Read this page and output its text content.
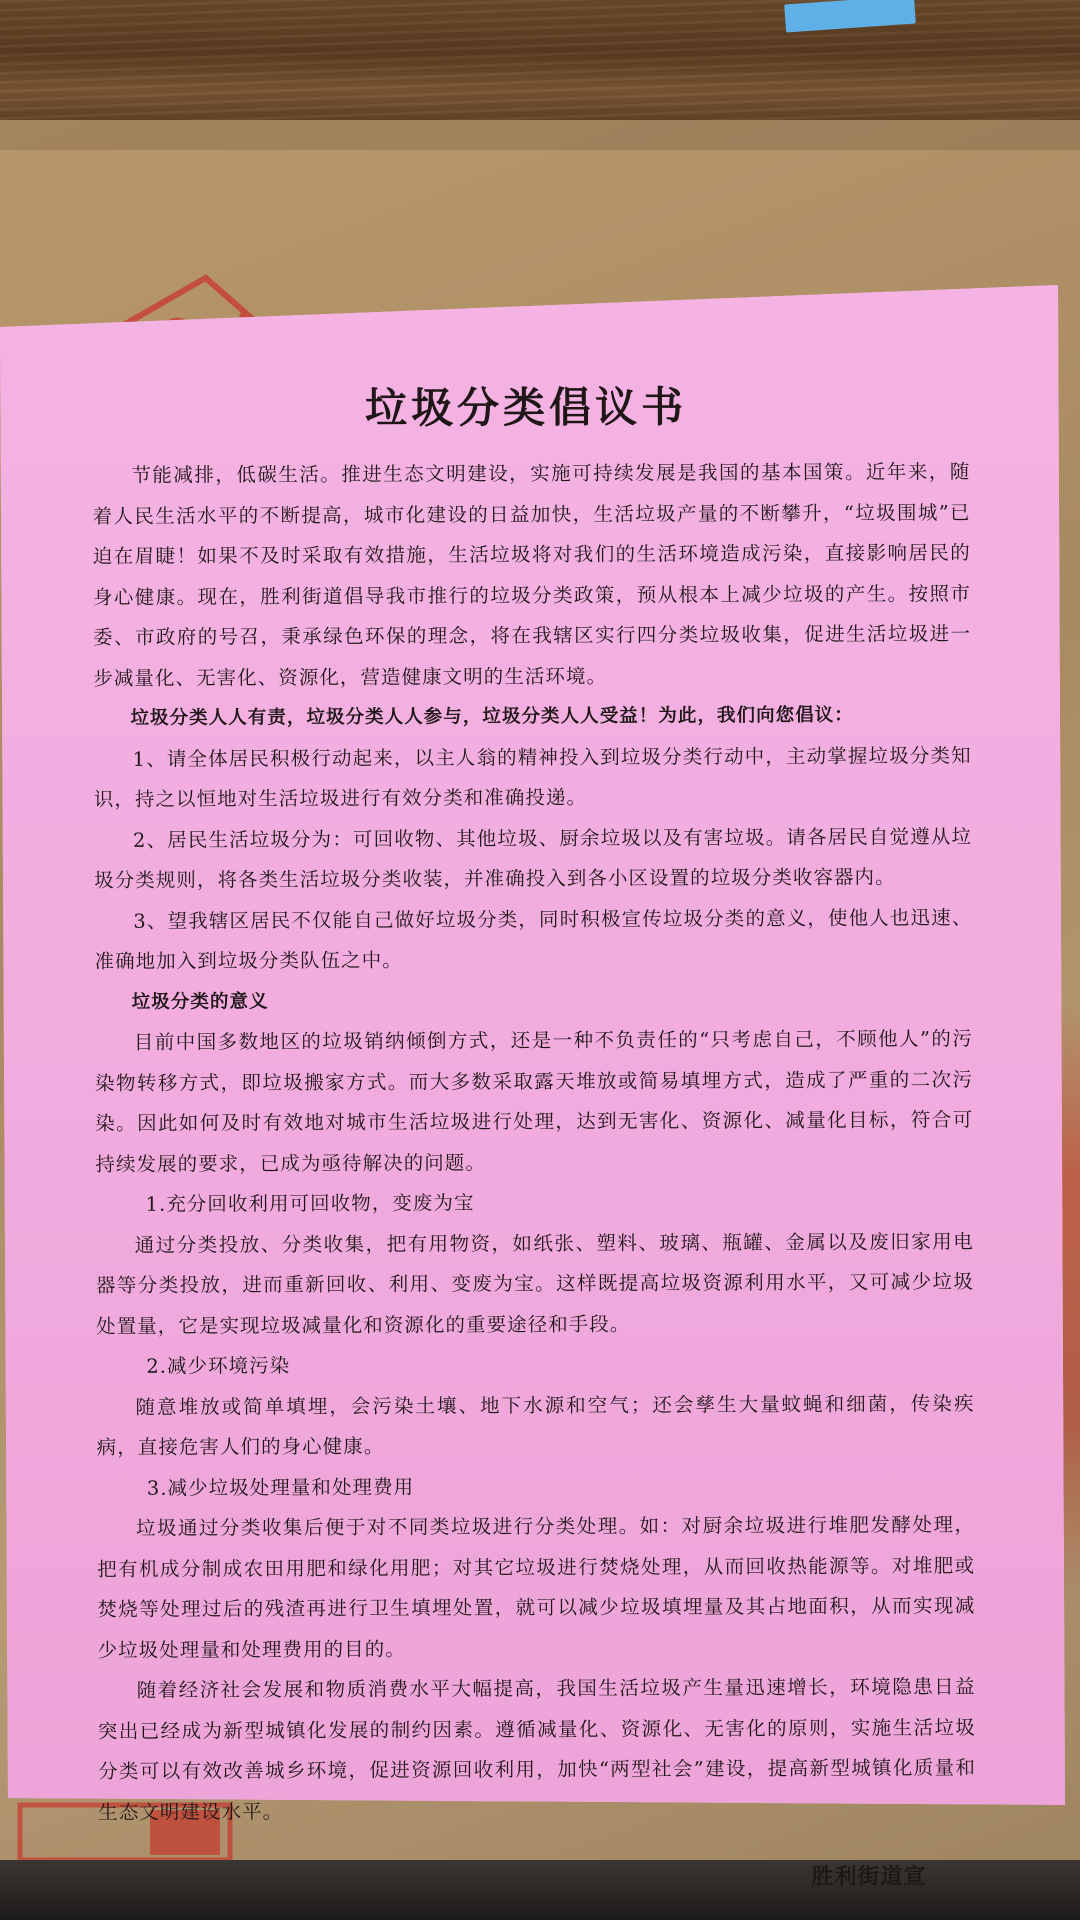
垃圾分类倡议书

节能减排，低碳生活。推进生态文明建设，实施可持续发展是我国的基本国策。近年来，随着人民生活水平的不断提高，城市化建设的日益加快，生活垃圾产量的不断攀升，“垃圾围城”已迫在眉睫！如果不及时采取有效措施，生活垃圾将对我们的生活环境造成污染，直接影响居民的身心健康。现在，胜利街道倡导我市推行的垃圾分类政策，预从根本上减少垃圾的产生。按照市委、市政府的号召，秉承绿色环保的理念，将在我辖区实行四分类垃圾收集，促进生活垃圾进一步减量化、无害化、资源化，营造健康文明的生活环境。

垃圾分类人人有责，垃圾分类人人参与，垃圾分类人人受益！为此，我们向您倡议：

1、请全体居民积极行动起来，以主人翁的精神投入到垃圾分类行动中，主动掌握垃圾分类知识，持之以恒地对生活垃圾进行有效分类和准确投递。

2、居民生活垃圾分为：可回收物、其他垃圾、厨余垃圾以及有害垃圾。请各居民自觉遵从垃圾分类规则，将各类生活垃圾分类收装，并准确投入到各小区设置的垃圾分类收容器内。

3、望我辖区居民不仅能自己做好垃圾分类，同时积极宣传垃圾分类的意义，使他人也迅速、准确地加入到垃圾分类队伍之中。

垃圾分类的意义

目前中国多数地区的垃圾销纳倾倒方式，还是一种不负责任的“只考虑自己，不顾他人”的污染物转移方式，即垃圾搬家方式。而大多数采取露天堆放或简易填埋方式，造成了严重的二次污染。因此如何及时有效地对城市生活垃圾进行处理，达到无害化、资源化、减量化目标，符合可持续发展的要求，已成为亟待解决的问题。

1.充分回收利用可回收物，变废为宝

通过分类投放、分类收集，把有用物资，如纸张、塑料、玻璃、瓶罐、金属以及废旧家用电器等分类投放，进而重新回收、利用、变废为宝。这样既提高垃圾资源利用水平，又可减少垃圾处置量，它是实现垃圾减量化和资源化的重要途径和手段。

2.减少环境污染

随意堆放或简单填埋，会污染土壤、地下水源和空气；还会孳生大量蚊蝇和细菌，传染疾病，直接危害人们的身心健康。

3.减少垃圾处理量和处理费用

垃圾通过分类收集后便于对不同类垃圾进行分类处理。如：对厨余垃圾进行堆肥发酵处理，把有机成分制成农田用肥和绿化用肥；对其它垃圾进行焚烧处理，从而回收热能源等。对堆肥或焚烧等处理过后的残渣再进行卫生填埋处置，就可以减少垃圾填埋量及其占地面积，从而实现减少垃圾处理量和处理费用的目的。

随着经济社会发展和物质消费水平大幅提高，我国生活垃圾产生量迅速增长，环境隐患日益突出已经成为新型城镇化发展的制约因素。遵循减量化、资源化、无害化的原则，实施生活垃圾分类可以有效改善城乡环境，促进资源回收利用，加快“两型社会”建设，提高新型城镇化质量和生态文明建设水平。

胜利街道宣
